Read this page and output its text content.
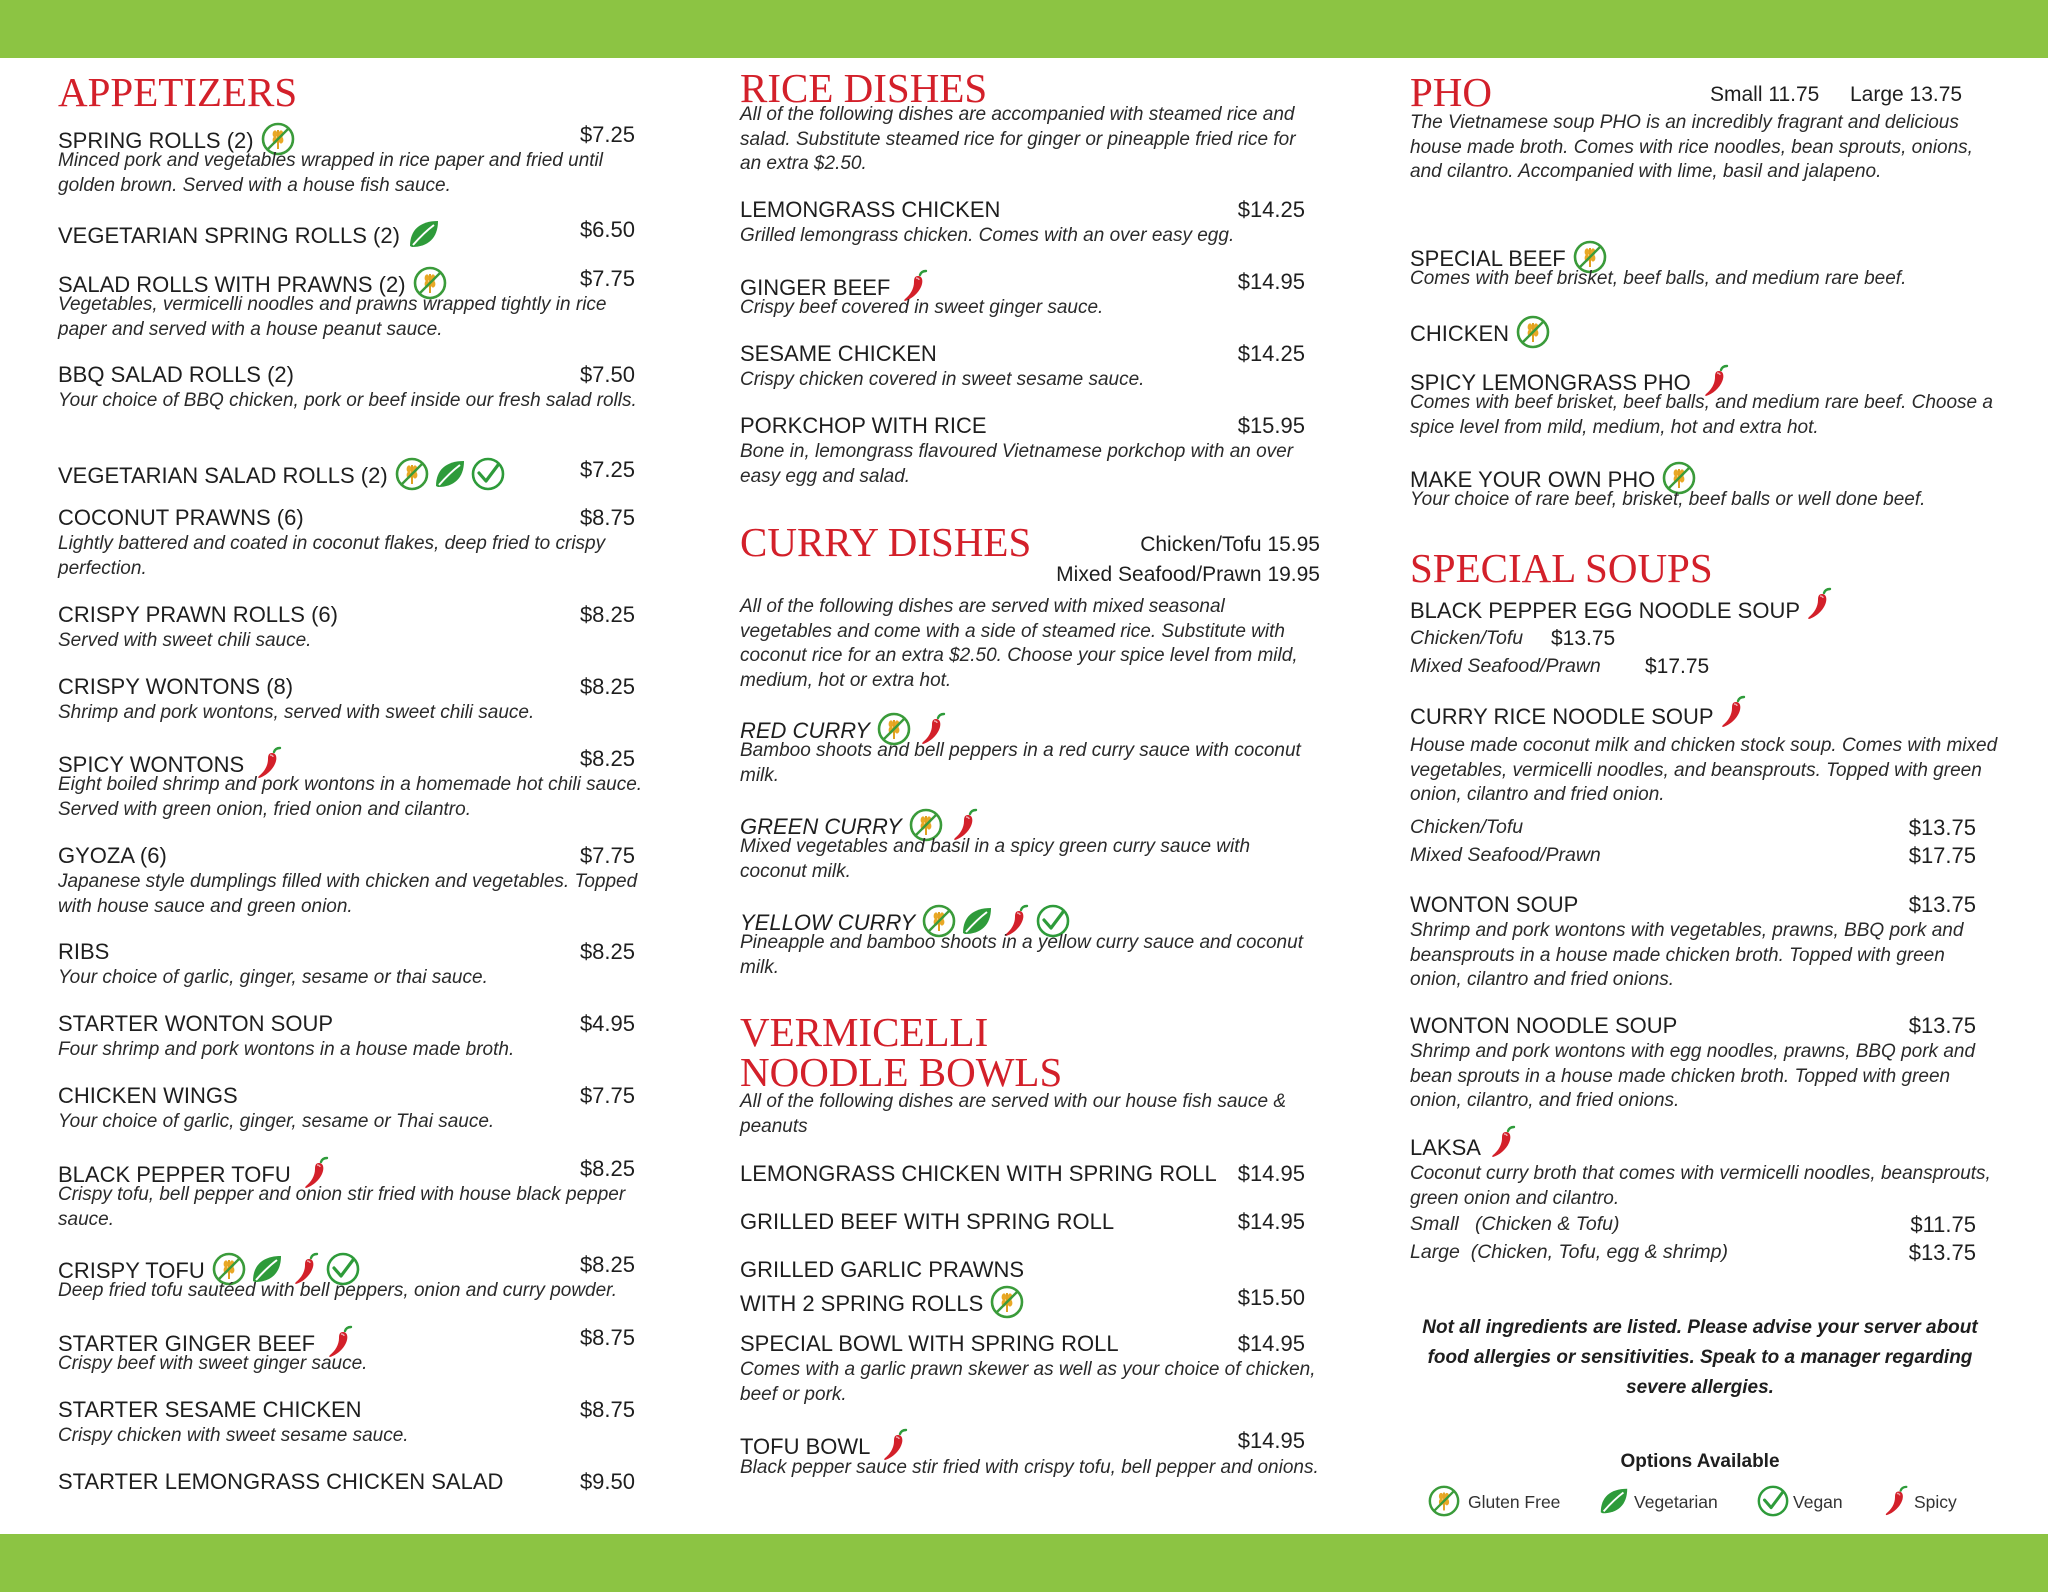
Not all ingredients are listed. Please advise your server about food allergies or sensitivities. Speak to a manager regarding severe allergies.
Options Available
APPETIZERS
SPRING ROLLS (2)	$7.25
Minced pork and vegetables wrapped in rice paper and fried until golden brown. Served with a house fish sauce.
VEGETARIAN SPRING ROLLS (2)	$6.50
SALAD ROLLS WITH PRAWNS (2)	$7.75
Vegetables, vermicelli noodles and prawns wrapped tightly in rice paper and served with a house peanut sauce.
BBQ SALAD ROLLS (2)	$7.50
Your choice of BBQ chicken, pork or beef inside our fresh salad rolls.
VEGETARIAN SALAD ROLLS (2)	$7.25
COCONUT PRAWNS (6)	$8.75
Lightly battered and coated in coconut flakes, deep fried to crispy perfection.
CRISPY PRAWN ROLLS (6)	$8.25
Served with sweet chili sauce.
CRISPY WONTONS (8)	$8.25
Shrimp and pork wontons, served with sweet chili sauce.
SPICY WONTONS	$8.25
Eight boiled shrimp and pork wontons in a homemade hot chili sauce. Served with green onion, fried onion and cilantro.
GYOZA (6)	$7.75
Japanese style dumplings filled with chicken and vegetables. Topped with house sauce and green onion.
RIBS	$8.25
Your choice of garlic, ginger, sesame or thai sauce.
STARTER WONTON SOUP	$4.95
Four shrimp and pork wontons in a house made broth.
CHICKEN WINGS	$7.75
Your choice of garlic, ginger, sesame or Thai sauce.
BLACK PEPPER TOFU	$8.25
Crispy tofu, bell pepper and onion stir fried with house black pepper sauce.
CRISPY TOFU	$8.25
Deep fried tofu sautéed with bell peppers, onion and curry powder.
STARTER GINGER BEEF	$8.75
Crispy beef with sweet ginger sauce.
STARTER SESAME CHICKEN	$8.75
Crispy chicken with sweet sesame sauce.
STARTER LEMONGRASS CHICKEN SALAD	$9.50
RICE DISHES
All of the following dishes are accompanied with steamed rice and salad. Substitute steamed rice for ginger or pineapple fried rice for an extra $2.50.
LEMONGRASS CHICKEN	$14.25
Grilled lemongrass chicken. Comes with an over easy egg.
GINGER BEEF	$14.95
Crispy beef covered in sweet ginger sauce.
SESAME CHICKEN	$14.25
Crispy chicken covered in sweet sesame sauce.
PORKCHOP WITH RICE	$15.95
Bone in, lemongrass flavoured Vietnamese porkchop with an over easy egg and salad.
CURRY DISHES	Chicken/Tofu 15.95
Mixed Seafood/Prawn 19.95
All of the following dishes are served with mixed seasonal vegetables and come with a side of steamed rice. Substitute with coconut rice for an extra $2.50. Choose your spice level from mild, medium, hot or extra hot.
RED CURRY
Bamboo shoots and bell peppers in a red curry sauce with coconut milk.
GREEN CURRY
Mixed vegetables and basil in a spicy green curry sauce with coconut milk.
YELLOW CURRY
Pineapple and bamboo shoots in a yellow curry sauce and coconut milk.
VERMICELLI
NOODLE BOWLS
All of the following dishes are served with our house fish sauce & peanuts
LEMONGRASS CHICKEN WITH SPRING ROLL $14.95
GRILLED BEEF WITH SPRING ROLL	$14.95
GRILLED GARLIC PRAWNS
WITH 2 SPRING ROLLS	$15.50
SPECIAL BOWL WITH SPRING ROLL	$14.95
Comes with a garlic prawn skewer as well as your choice of chicken, beef or pork.
TOFU BOWL	$14.95
Black pepper sauce stir fried with crispy tofu, bell pepper and onions.
PHO	Small 11.75 Large 13.75
The Vietnamese soup PHO is an incredibly fragrant and delicious house made broth. Comes with rice noodles, bean sprouts, onions, and cilantro. Accompanied with lime, basil and jalapeno.
SPECIAL BEEF
Comes with beef brisket, beef balls, and medium rare beef.
CHICKEN
SPICY LEMONGRASS PHO
Comes with beef brisket, beef balls, and medium rare beef. Choose a spice level from mild, medium, hot and extra hot.
MAKE YOUR OWN PHO
Your choice of rare beef, brisket, beef balls or well done beef.
SPECIAL SOUPS
BLACK PEPPER EGG NOODLE SOUP
Chicken/Tofu $13.75
Mixed Seafood/Prawn $17.75
CURRY RICE NOODLE SOUP
House made coconut milk and chicken stock soup. Comes with mixed vegetables, vermicelli noodles, and beansprouts. Topped with green onion, cilantro and fried onion.
Chicken/Tofu	$13.75
Mixed Seafood/Prawn	$17.75
WONTON SOUP	$13.75
Shrimp and pork wontons with vegetables, prawns, BBQ pork and beansprouts in a house made chicken broth. Topped with green onion, cilantro and fried onions.
WONTON NOODLE SOUP	$13.75
Shrimp and pork wontons with egg noodles, prawns, BBQ pork and bean sprouts in a house made chicken broth. Topped with green onion, cilantro, and fried onions.
LAKSA
Coconut curry broth that comes with vermicelli noodles, beansprouts, green onion and cilantro.
Small   (Chicken & Tofu)	$11.75
Large  (Chicken, Tofu, egg & shrimp)	$13.75
Gluten Free	Vegetarian	Vegan	Spicy
